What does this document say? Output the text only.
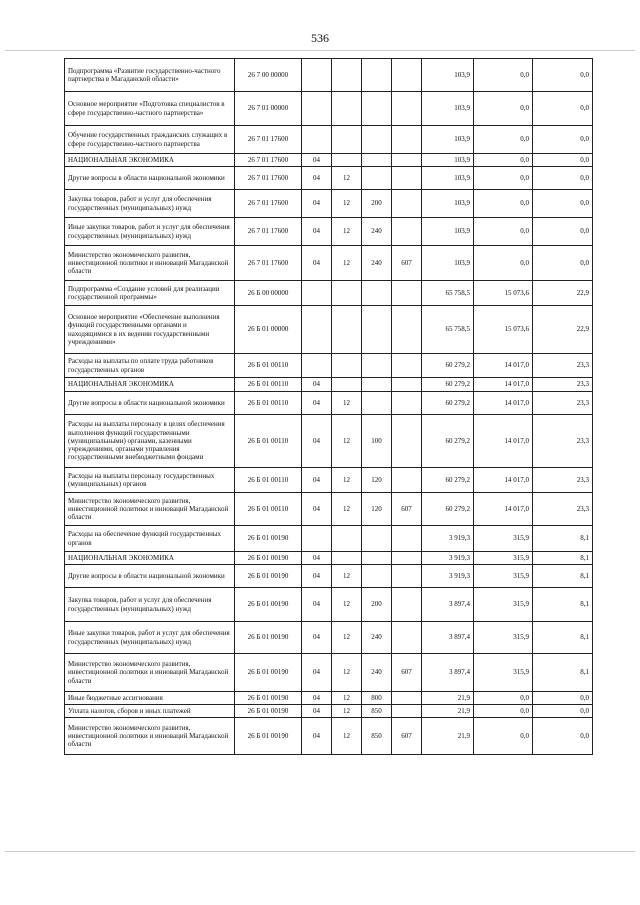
536
Подпрограмма «Развитие государственно-частного партнерства в Магаданской области»	26 7 00 00000					103,9	0,0	0,0
Основное мероприятие «Подготовка специалистов в сфере государственно-частного партнерства»	26 7 01 00000					103,9	0,0	0,0
Обучение государственных гражданских служащих в сфере государственно-частного партнерства	26 7 01 17600					103,9	0,0	0,0
НАЦИОНАЛЬНАЯ ЭКОНОМИКА	26 7 01 17600	04				103,9	0,0	0,0
Другие вопросы в области национальной экономики	26 7 01 17600	04	12			103,9	0,0	0,0
Закупка товаров, работ и услуг для обеспечения государственных (муниципальных) нужд	26 7 01 17600	04	12	200		103,9	0,0	0,0
Иные закупки товаров, работ и услуг для обеспечения государственных (муниципальных) нужд	26 7 01 17600	04	12	240		103,9	0,0	0,0
Министерство экономического развития, инвестиционной политики и инноваций Магаданской области	26 7 01 17600	04	12	240	607	103,9	0,0	0,0
Подпрограмма «Создание условий для реализации государственной программы»	26 Б 00 00000					65 758,5	15 073,6	22,9
Основное мероприятие «Обеспечение выполнения функций государственными органами и находящимися в их ведении государственными учреждениями»	26 Б 01 00000					65 758,5	15 073,6	22,9
Расходы на выплаты по оплате труда работников государственных органов	26 Б 01 00110					60 279,2	14 017,0	23,3
НАЦИОНАЛЬНАЯ ЭКОНОМИКА	26 Б 01 00110	04				60 279,2	14 017,0	23,3
Другие вопросы в области национальной экономики	26 Б 01 00110	04	12			60 279,2	14 017,0	23,3
Расходы на выплаты персоналу в целях обеспечения выполнения функций государственными (муниципальными) органами, казенными учреждениями, органами управления государственными внебюджетными фондами	26 Б 01 00110	04	12	100		60 279,2	14 017,0	23,3
Расходы на выплаты персоналу государственных (муниципальных) органов	26 Б 01 00110	04	12	120		60 279,2	14 017,0	23,3
Министерство экономического развития, инвестиционной политики и инноваций Магаданской области	26 Б 01 00110	04	12	120	607	60 279,2	14 017,0	23,3
Расходы на обеспечение функций государственных органов	26 Б 01 00190					3 919,3	315,9	8,1
НАЦИОНАЛЬНАЯ ЭКОНОМИКА	26 Б 01 00190	04				3 919,3	315,9	8,1
Другие вопросы в области национальной экономики	26 Б 01 00190	04	12			3 919,3	315,9	8,1
Закупка товаров, работ и услуг для обеспечения государственных (муниципальных) нужд	26 Б 01 00190	04	12	200		3 897,4	315,9	8,1
Иные закупки товаров, работ и услуг для обеспечения государственных (муниципальных) нужд	26 Б 01 00190	04	12	240		3 897,4	315,9	8,1
Министерство экономического развития, инвестиционной политики и инноваций Магаданской области	26 Б 01 00190	04	12	240	607	3 897,4	315,9	8,1
Иные бюджетные ассигнования	26 Б 01 00190	04	12	800		21,9	0,0	0,0
Уплата налогов, сборов и иных платежей	26 Б 01 00190	04	12	850		21,9	0,0	0,0
Министерство экономического развития, инвестиционной политики и инноваций Магаданской области	26 Б 01 00190	04	12	850	607	21,9	0,0	0,0
